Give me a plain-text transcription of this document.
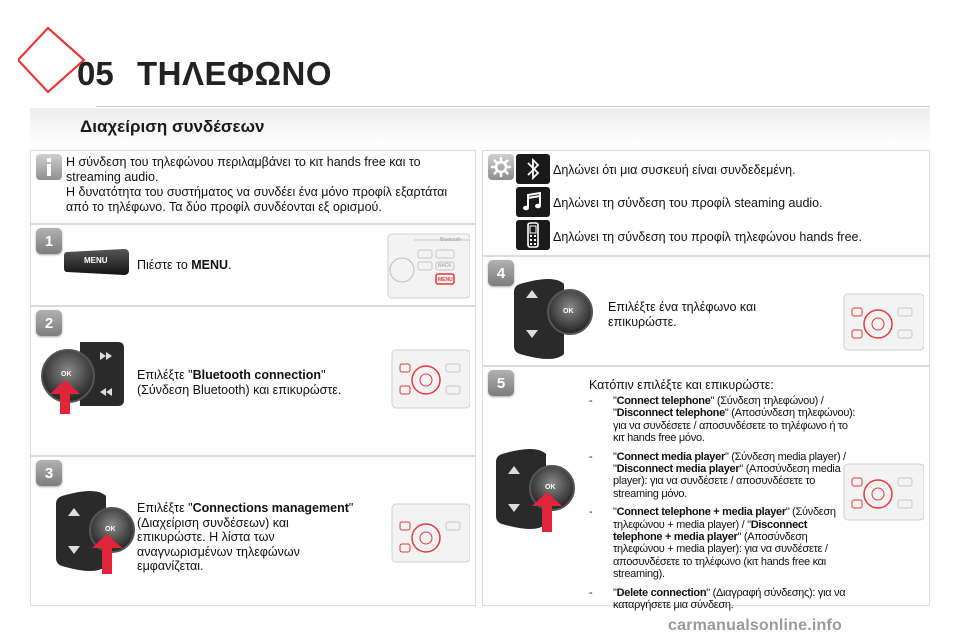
05 ΤΗΛΕΦΩΝΟ
Διαχείριση συνδέσεων
Η σύνδεση του τηλεφώνου περιλαμβάνει το κιτ hands free και το streaming audio.
Η δυνατότητα του συστήματος να συνδέει ένα μόνο προφίλ εξαρτάται από το τηλέφωνο. Τα δύο προφίλ συνδέονται εξ ορισμού.
1
MENU Πιέστε το MENU.
Bluetooth
BACK
MENU
2
OK	Επιλέξτε "Bluetooth connection" (Σύνδεση Bluetooth) και επικυρώστε.
3
OK
Επιλέξτε "Connections management" (Διαχείριση συνδέσεων) και επικυρώστε. Η λίστα των αναγνωρισμένων τηλεφώνων εμφανίζεται.
Δηλώνει ότι μια συσκευή είναι συνδεδεμένη.
Δηλώνει τη σύνδεση του προφίλ steaming audio.
Δηλώνει τη σύνδεση του προφίλ τηλεφώνου hands free.
4
OK	Επιλέξτε ένα τηλέφωνο και επικυρώστε.
5
OK
Κατόπιν επιλέξτε και επικυρώστε:
- "Connect telephone" (Σύνδεση τηλεφώνου) / "Disconnect telephone" (Αποσύνδεση τηλεφώνου): για να συνδέσετε / αποσυνδέσετε το τηλέφωνο ή το κιτ hands free μόνο.
- "Connect media player" (Σύνδεση media player) / "Disconnect media player" (Αποσύνδεση media player): για να συνδέσετε / αποσυνδέσετε το streaming μόνο.
- "Connect telephone + media player" (Σύνδεση τηλεφώνου + media player) / "Disconnect telephone + media player" (Αποσύνδεση τηλεφώνου + media player): για να συνδέσετε / αποσυνδέσετε το τηλέφωνο (κιτ hands free και streaming).
- "Delete connection" (Διαγραφή σύνδεσης): για να καταργήσετε μια σύνδεση.
carmanualsonline.info
